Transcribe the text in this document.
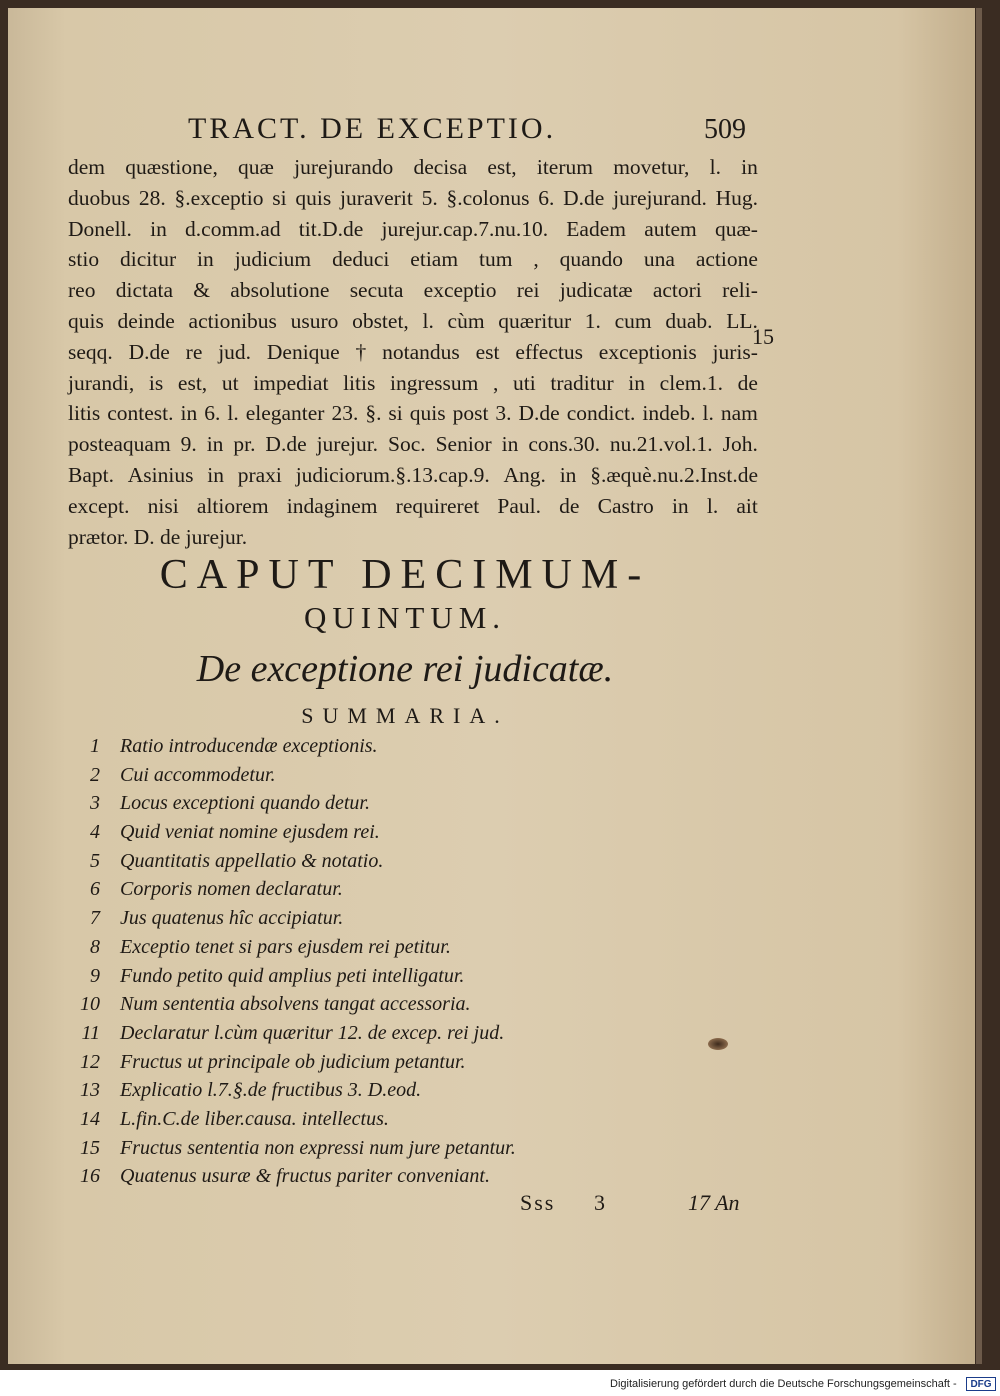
TRACT. DE EXCEPTIO.	509
dem quæstione, quæ jurejurando decisa est, iterum movetur, l. in
duobus 28. §.exceptio si quis juraverit 5. §.colonus 6. D.de jurejurand. Hug.
Donell. in d.comm.ad tit.D.de jurejur.cap.7.nu.10. Eadem autem quæ-
stio dicitur in judicium deduci etiam tum , quando una actione
reo dictata & absolutione secuta exceptio rei judicatæ actori reli-
quis deinde actionibus usuro obstet, l. cùm quæritur 1. cum duab. LL.
seqq. D.de re jud. Denique † notandus est effectus exceptionis juris-
jurandi, is est, ut impediat litis ingressum , uti traditur in clem.1. de
litis contest. in 6. l. eleganter 23. §. si quis post 3. D.de condict. indeb. l. nam
posteaquam 9. in pr. D.de jurejur. Soc. Senior in cons.30. nu.21.vol.1. Joh.
Bapt. Asinius in praxi judiciorum.§.13.cap.9. Ang. in §.æquè.nu.2.Inst.de
except. nisi altiorem indaginem requireret Paul. de Castro in l. ait
prætor. D. de jurejur.
15
CAPUT DECIMUM-
QUINTUM.
De exceptione rei judicatæ.
SUMMARIA.
1 Ratio introducendæ exceptionis.
2 Cui accommodetur.
3 Locus exceptioni quando detur.
4 Quid veniat nomine ejusdem rei.
5 Quantitatis appellatio & notatio.
6 Corporis nomen declaratur.
7 Jus quatenus hîc accipiatur.
8 Exceptio tenet si pars ejusdem rei petitur.
9 Fundo petito quid amplius peti intelligatur.
10 Num sententia absolvens tangat accessoria.
11 Declaratur l.cùm quæritur 12. de excep. rei jud.
12 Fructus ut principale ob judicium petantur.
13 Explicatio l.7.§.de fructibus 3. D.eod.
14 L.fin.C.de liber.causa. intellectus.
15 Fructus sententia non expressi num jure petantur.
16 Quatenus usuræ & fructus pariter conveniant.
Sss 3	17 An
Digitalisierung gefördert durch die Deutsche Forschungsgemeinschaft -	DFG
